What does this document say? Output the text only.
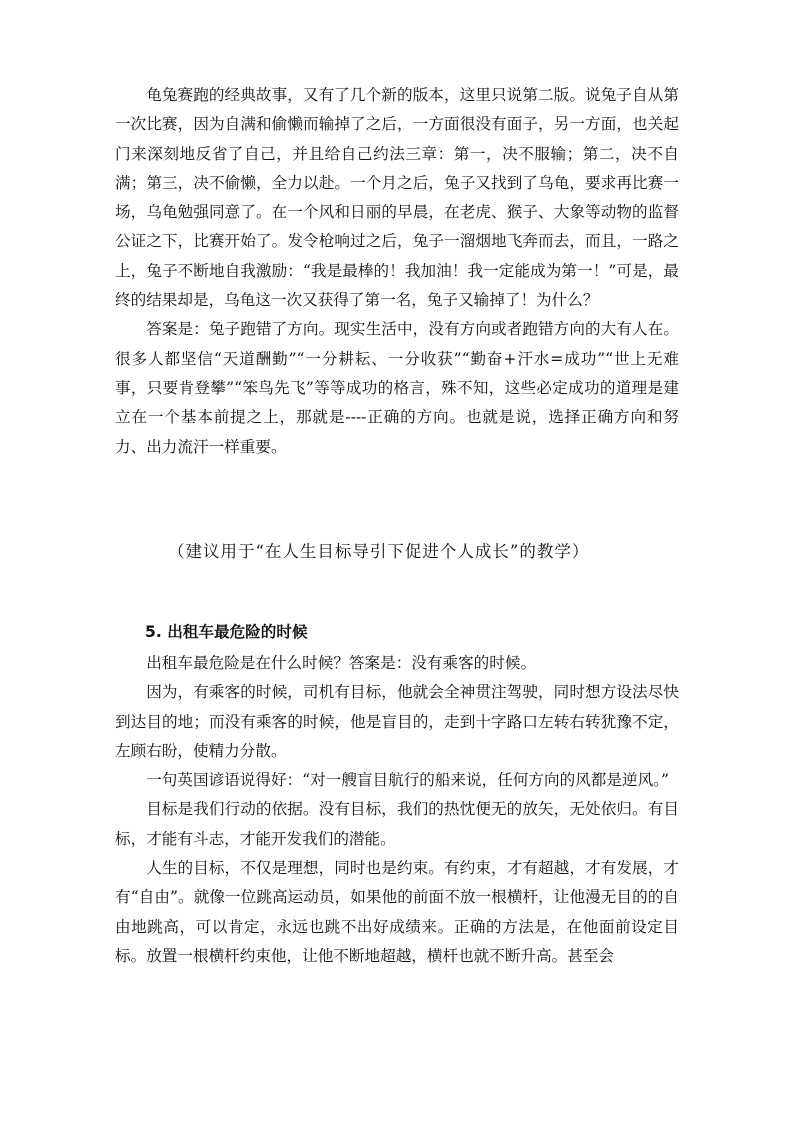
龟兔赛跑的经典故事，又有了几个新的版本，这里只说第二版。说兔子自从第一次比赛，因为自满和偷懒而输掉了之后，一方面很没有面子，另一方面，也关起门来深刻地反省了自己，并且给自己约法三章：第一，决不服输；第二，决不自满；第三，决不偷懒，全力以赴。一个月之后，兔子又找到了乌龟，要求再比赛一场，乌龟勉强同意了。在一个风和日丽的早晨，在老虎、猴子、大象等动物的监督公证之下，比赛开始了。发令枪响过之后，兔子一溜烟地飞奔而去，而且，一路之上，兔子不断地自我激励：“我是最棒的！我加油！我一定能成为第一！”可是，最终的结果却是，乌龟这一次又获得了第一名，兔子又输掉了！为什么？

答案是：兔子跑错了方向。现实生活中，没有方向或者跑错方向的大有人在。很多人都坚信“天道酬勤”“一分耕耘、一分收获”“勤奋+汗水=成功”“世上无难事，只要肯登攀”“笨鸟先飞”等等成功的格言，殊不知，这些必定成功的道理是建立在一个基本前提之上，那就是----正确的方向。也就是说，选择正确方向和努力、出力流汗一样重要。

（建议用于“在人生目标导引下促进个人成长”的教学）
5. 出租车最危险的时候

出租车最危险是在什么时候？答案是：没有乘客的时候。

因为，有乘客的时候，司机有目标，他就会全神贯注驾驶，同时想方设法尽快到达目的地；而没有乘客的时候，他是盲目的，走到十字路口左转右转犹豫不定，左顾右盼，使精力分散。

一句英国谚语说得好：“对一艘盲目航行的船来说，任何方向的风都是逆风。”

目标是我们行动的依据。没有目标，我们的热忱便无的放矢，无处依归。有目标，才能有斗志，才能开发我们的潜能。

人生的目标，不仅是理想，同时也是约束。有约束，才有超越，才有发展，才有“自由”。就像一位跳高运动员，如果他的前面不放一根横杆，让他漫无目的的自由地跳高，可以肯定，永远也跳不出好成绩来。正确的方法是，在他面前设定目标。放置一根横杆约束他，让他不断地超越，横杆也就不断升高。甚至会
